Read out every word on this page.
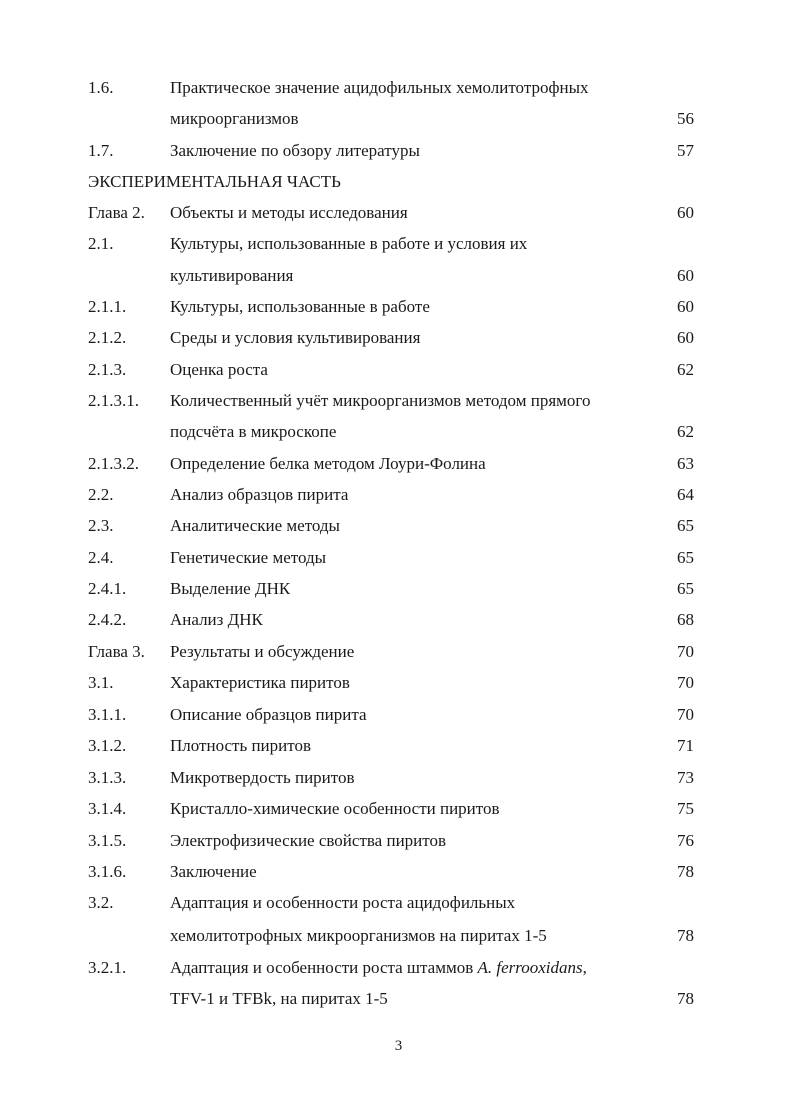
1.6.	Практическое значение ацидофильных хемолитотрофных
микроорганизмов	56
1.7.	Заключение по обзору литературы	57
ЭКСПЕРИМЕНТАЛЬНАЯ ЧАСТЬ
Глава 2. Объекты и методы исследования	60
2.1.	Культуры, использованные в работе и условия их
культивирования	60
2.1.1.	Культуры, использованные в работе	60
2.1.2.	Среды и условия культивирования	60
2.1.3.	Оценка роста	62
2.1.3.1. Количественный учёт микроорганизмов методом прямого
подсчёта в микроскопе	62
2.1.3.2. Определение белка методом Лоури-Фолина	63
2.2.	Анализ образцов пирита	64
2.3.	Аналитические методы	65
2.4.	Генетические методы	65
2.4.1.	Выделение ДНК	65
2.4.2.	Анализ ДНК	68
Глава 3. Результаты и обсуждение	70
3.1.	Характеристика пиритов	70
3.1.1.	Описание образцов пирита	70
3.1.2.	Плотность пиритов	71
3.1.3.	Микротвердость пиритов	73
3.1.4.	Кристалло-химические особенности пиритов	75
3.1.5.	Электрофизические свойства пиритов	76
3.1.6.	Заключение	78
3.2.	Адаптация и особенности роста ацидофильных
хемолитотрофных микроорганизмов на пиритах 1-5	78
3.2.1.	Адаптация и особенности роста штаммов A. ferrooxidans,
TFV-1 и TFBk, на пиритах 1-5	78
3
